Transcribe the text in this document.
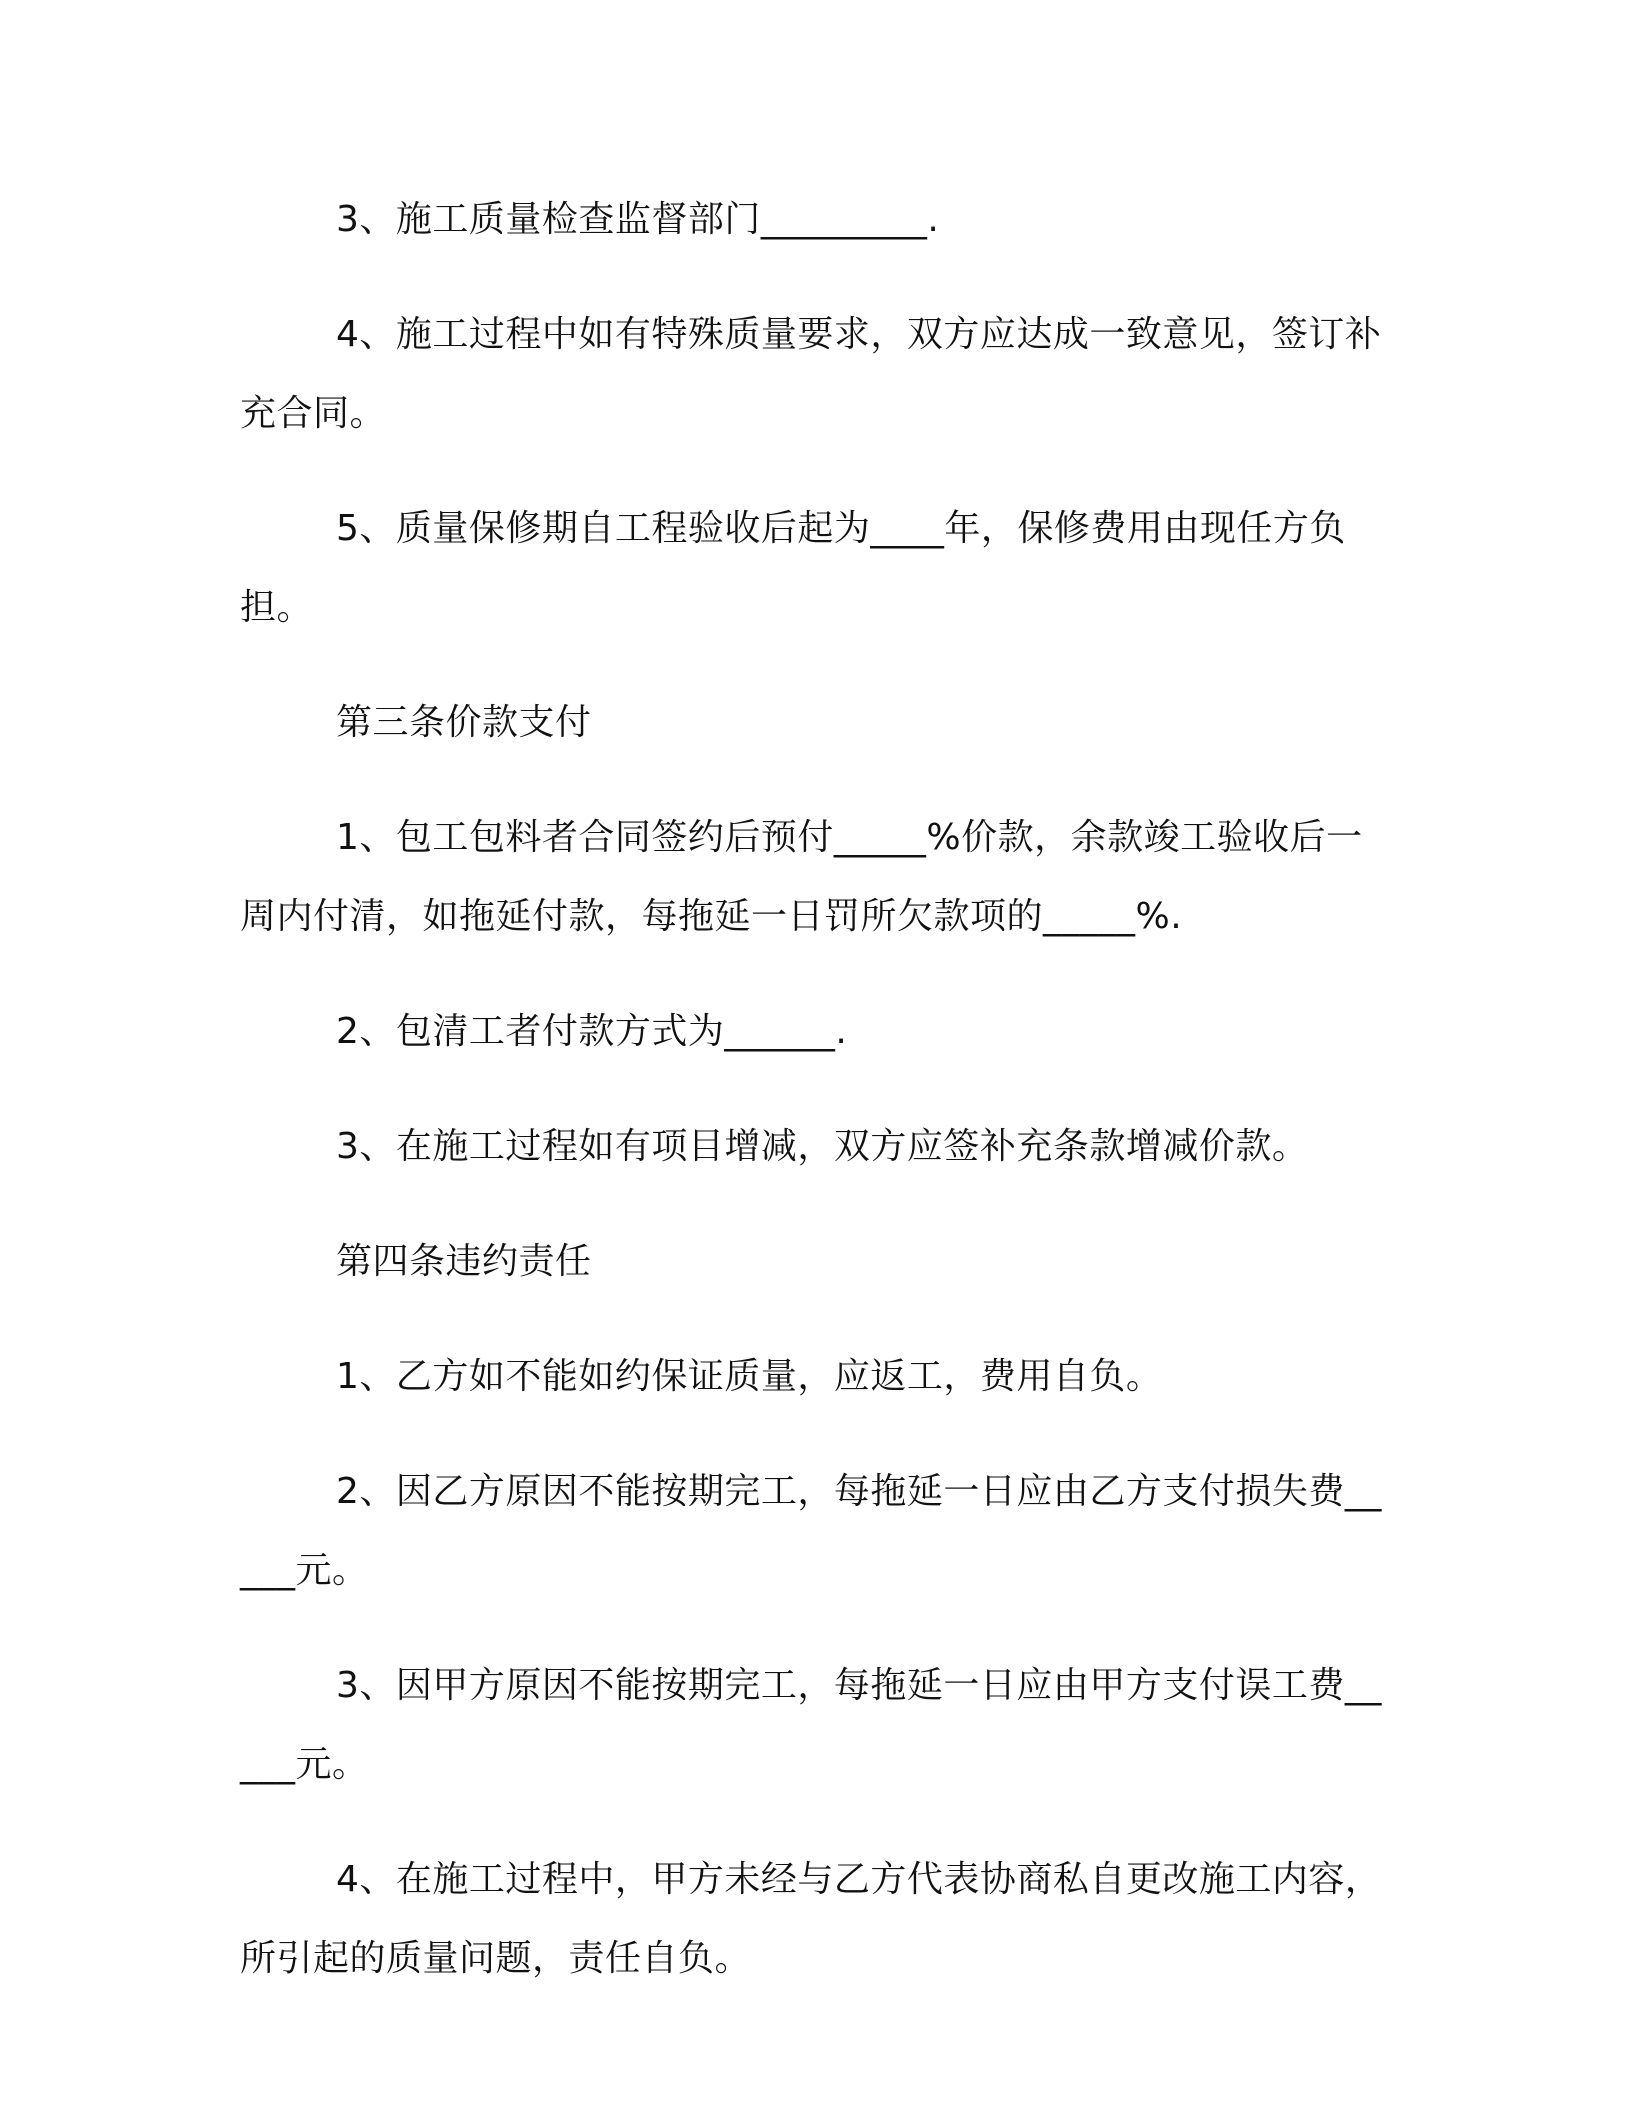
3、施工质量检查监督部门_________.

4、施工过程中如有特殊质量要求，双方应达成一致意见，签订补充合同。

5、质量保修期自工程验收后起为____年，保修费用由现任方负担。

第三条价款支付

1、包工包料者合同签约后预付_____%价款，余款竣工验收后一周内付清，如拖延付款，每拖延一日罚所欠款项的_____%.

2、包清工者付款方式为______.

3、在施工过程如有项目增减，双方应签补充条款增减价款。

第四条违约责任

1、乙方如不能如约保证质量，应返工，费用自负。

2、因乙方原因不能按期完工，每拖延一日应由乙方支付损失费_____元。

3、因甲方原因不能按期完工，每拖延一日应由甲方支付误工费_____元。

4、在施工过程中，甲方未经与乙方代表协商私自更改施工内容，所引起的质量问题，责任自负。
